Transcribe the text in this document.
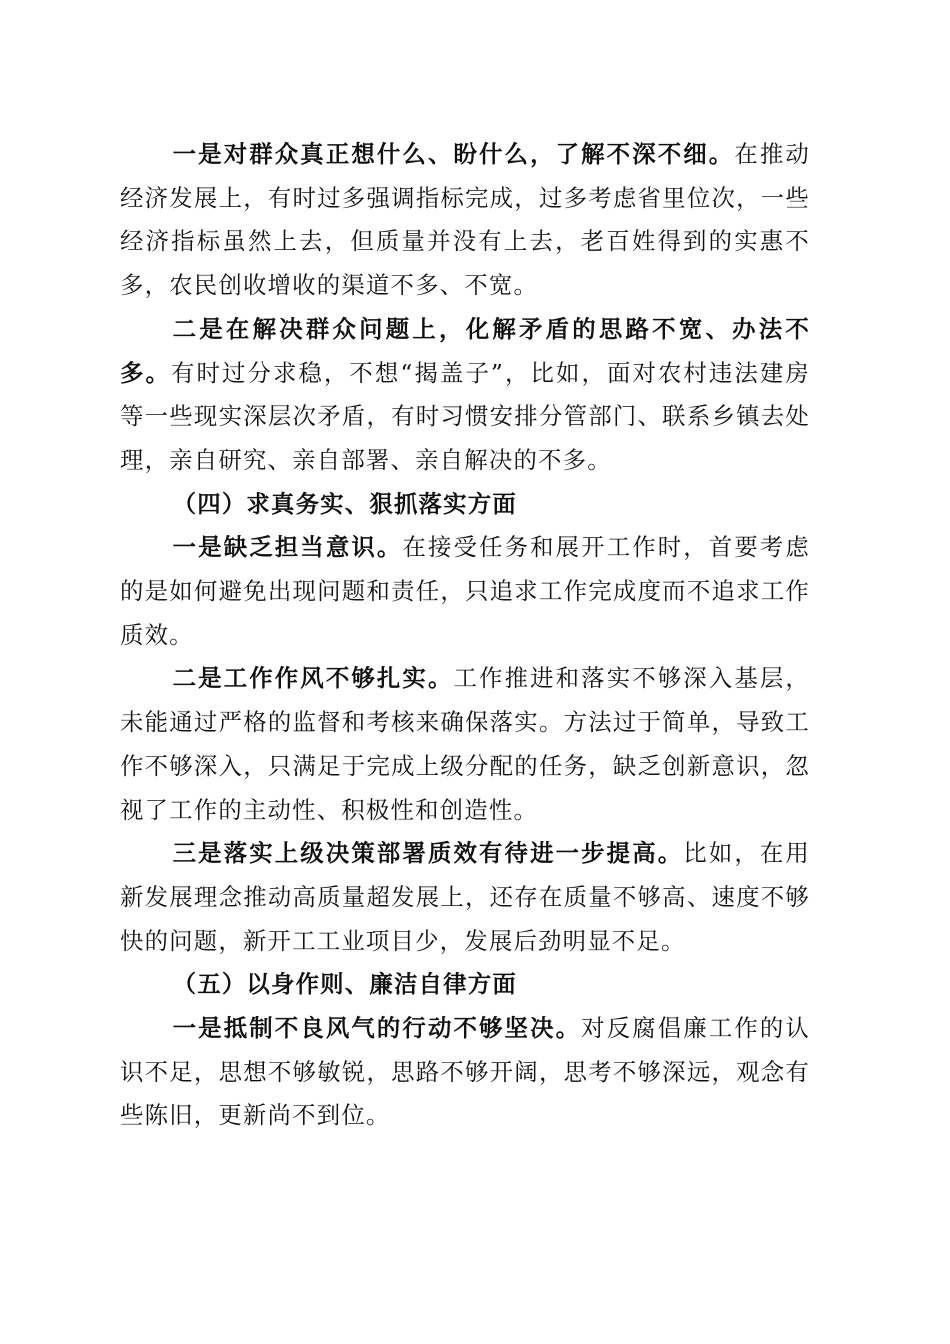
一是对群众真正想什么、盼什么，了解不深不细。在推动经济发展上，有时过多强调指标完成，过多考虑省里位次，一些经济指标虽然上去，但质量并没有上去，老百姓得到的实惠不多，农民创收增收的渠道不多、不宽。

二是在解决群众问题上，化解矛盾的思路不宽、办法不多。有时过分求稳，不想“揭盖子”，比如，面对农村违法建房等一些现实深层次矛盾，有时习惯安排分管部门、联系乡镇去处理，亲自研究、亲自部署、亲自解决的不多。

（四）求真务实、狠抓落实方面

一是缺乏担当意识。在接受任务和展开工作时，首要考虑的是如何避免出现问题和责任，只追求工作完成度而不追求工作质效。

二是工作作风不够扎实。工作推进和落实不够深入基层，未能通过严格的监督和考核来确保落实。方法过于简单，导致工作不够深入，只满足于完成上级分配的任务，缺乏创新意识，忽视了工作的主动性、积极性和创造性。

三是落实上级决策部署质效有待进一步提高。比如，在用新发展理念推动高质量超发展上，还存在质量不够高、速度不够快的问题，新开工工业项目少，发展后劲明显不足。

（五）以身作则、廉洁自律方面

一是抵制不良风气的行动不够坚决。对反腐倡廉工作的认识不足，思想不够敏锐，思路不够开阔，思考不够深远，观念有些陈旧，更新尚不到位。
